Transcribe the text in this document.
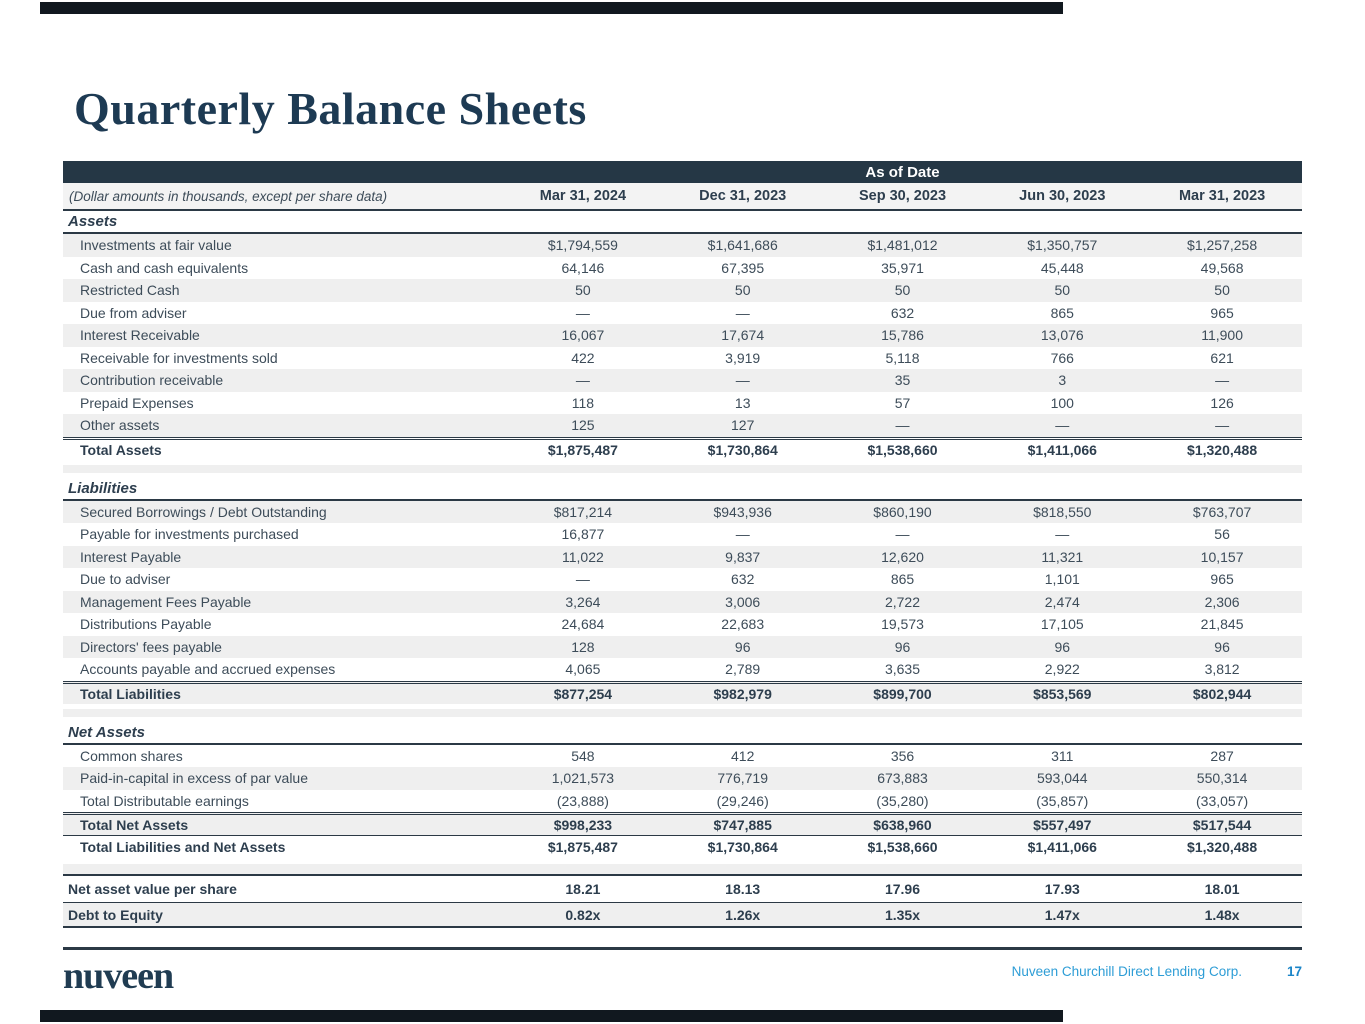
Quarterly Balance Sheets
As of Date
(Dollar amounts in thousands, except per share data)	Mar 31, 2024	Dec 31, 2023	Sep 30, 2023	Jun 30, 2023	Mar 31, 2023
Assets
Investments at fair value	$1,794,559	$1,641,686	$1,481,012	$1,350,757	$1,257,258
Cash and cash equivalents	64,146	67,395	35,971	45,448	49,568
Restricted Cash	50	50	50	50	50
Due from adviser	—	—	632	865	965
Interest Receivable	16,067	17,674	15,786	13,076	11,900
Receivable for investments sold	422	3,919	5,118	766	621
Contribution receivable	—	—	35	3	—
Prepaid Expenses	118	13	57	100	126
Other assets	125	127	—	—	—
Total Assets	$1,875,487	$1,730,864	$1,538,660	$1,411,066	$1,320,488
Liabilities
Secured Borrowings / Debt Outstanding	$817,214	$943,936	$860,190	$818,550	$763,707
Payable for investments purchased	16,877	—	—	—	56
Interest Payable	11,022	9,837	12,620	11,321	10,157
Due to adviser	—	632	865	1,101	965
Management Fees Payable	3,264	3,006	2,722	2,474	2,306
Distributions Payable	24,684	22,683	19,573	17,105	21,845
Directors' fees payable	128	96	96	96	96
Accounts payable and accrued expenses	4,065	2,789	3,635	2,922	3,812
Total Liabilities	$877,254	$982,979	$899,700	$853,569	$802,944
Net Assets
Common shares	548	412	356	311	287
Paid-in-capital in excess of par value	1,021,573	776,719	673,883	593,044	550,314
Total Distributable earnings	(23,888)	(29,246)	(35,280)	(35,857)	(33,057)
Total Net Assets	$998,233	$747,885	$638,960	$557,497	$517,544
Total Liabilities and Net Assets	$1,875,487	$1,730,864	$1,538,660	$1,411,066	$1,320,488
Net asset value per share	18.21	18.13	17.96	17.93	18.01
Debt to Equity	0.82x	1.26x	1.35x	1.47x	1.48x
nuveen	Nuveen Churchill Direct Lending Corp.	17
